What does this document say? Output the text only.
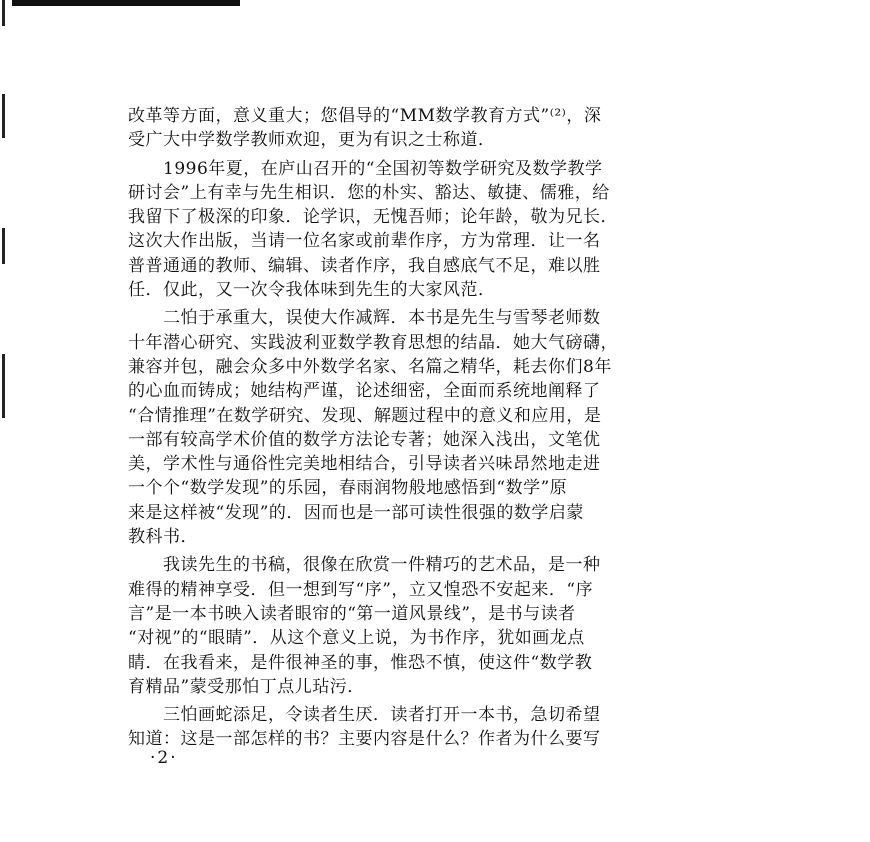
改革等方面，意义重大；您倡导的“MM数学教育方式”⁽²⁾，深
受广大中学数学教师欢迎，更为有识之士称道．

　　1996年夏，在庐山召开的“全国初等数学研究及数学教学
研讨会”上有幸与先生相识．您的朴实、豁达、敏捷、儒雅，给
我留下了极深的印象．论学识，无愧吾师；论年龄，敬为兄长．
这次大作出版，当请一位名家或前辈作序，方为常理．让一名
普普通通的教师、编辑、读者作序，我自感底气不足，难以胜
任．仅此，又一次令我体味到先生的大家风范．

　　二怕于承重大，误使大作减辉．本书是先生与雪琴老师数
十年潜心研究、实践波利亚数学教育思想的结晶．她大气磅礴，
兼容并包，融会众多中外数学名家、名篇之精华，耗去你们8年
的心血而铸成；她结构严谨，论述细密，全面而系统地阐释了
“合情推理”在数学研究、发现、解题过程中的意义和应用，是
一部有较高学术价值的数学方法论专著；她深入浅出，文笔优
美，学术性与通俗性完美地相结合，引导读者兴味昂然地走进
一个个“数学发现”的乐园，春雨润物般地感悟到“数学”原
来是这样被“发现”的．因而也是一部可读性很强的数学启蒙
教科书．

　　我读先生的书稿，很像在欣赏一件精巧的艺术品，是一种
难得的精神享受．但一想到写“序”，立又惶恐不安起来．“序
言”是一本书映入读者眼帘的“第一道风景线”，是书与读者
“对视”的“眼睛”．从这个意义上说，为书作序，犹如画龙点
睛．在我看来，是件很神圣的事，惟恐不慎，使这件“数学教
育精品”蒙受那怕丁点儿玷污．

　　三怕画蛇添足，令读者生厌．读者打开一本书，急切希望
知道：这是一部怎样的书？主要内容是什么？作者为什么要写

·2·
